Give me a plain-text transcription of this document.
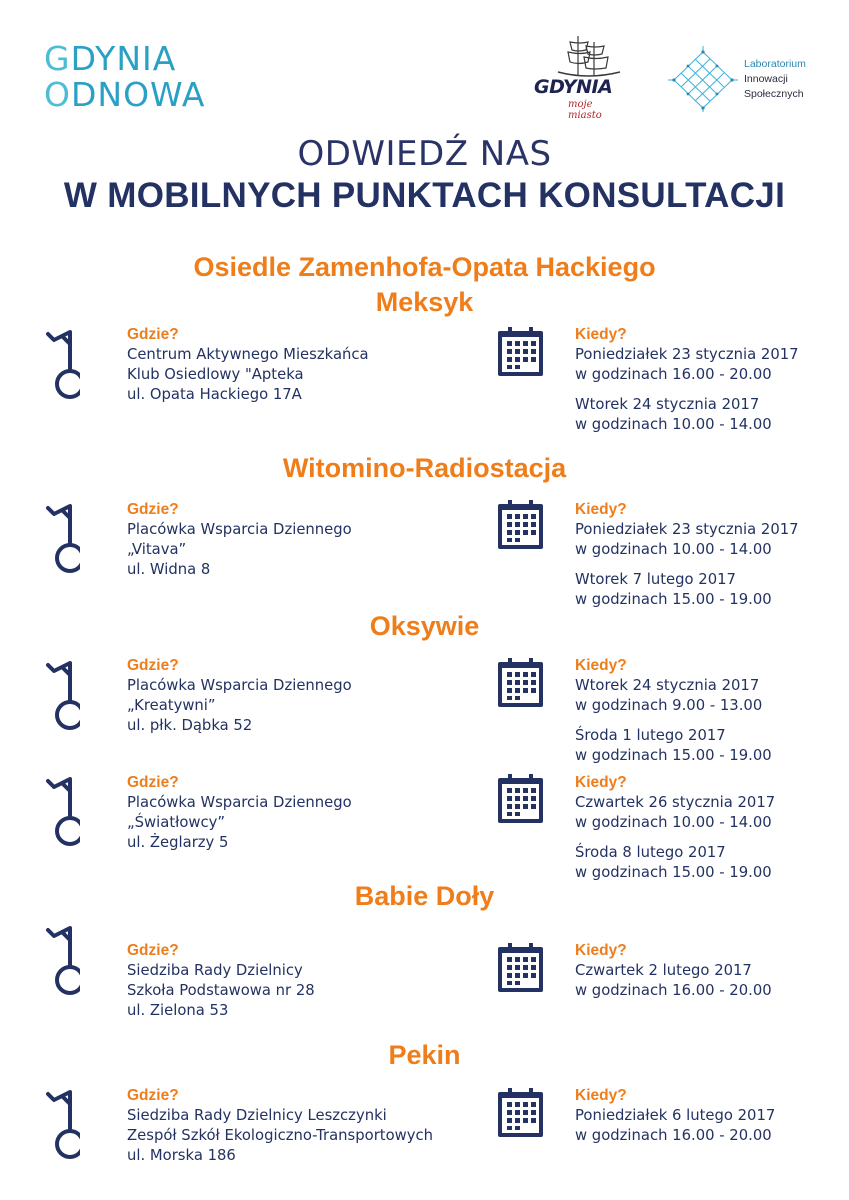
GDYNIA
ODNOWA	GDYNIA
moje miasto
Laboratorium
Innowacji
Społecznych
ODWIEDŹ NAS
W MOBILNYCH PUNKTACH KONSULTACJI
Osiedle Zamenhofa-Opata Hackiego
Meksyk
Witomino-Radiostacja
Oksywie
Babie Doły
Pekin
Gdzie?
Centrum Aktywnego Mieszkańca
Klub Osiedlowy "Apteka
ul. Opata Hackiego 17A
Kiedy?
Poniedziałek 23 stycznia 2017
w godzinach 16.00 - 20.00
Wtorek 24 stycznia 2017
w godzinach 10.00 - 14.00
Gdzie?
Placówka Wsparcia Dziennego
„Vitava”
ul. Widna 8
Kiedy?
Poniedziałek 23 stycznia 2017
w godzinach 10.00 - 14.00
Wtorek 7 lutego 2017
w godzinach 15.00 - 19.00
Gdzie?
Placówka Wsparcia Dziennego
„Kreatywni”
ul. płk. Dąbka 52
Kiedy?
Wtorek 24 stycznia 2017
w godzinach 9.00 - 13.00
Środa 1 lutego 2017
w godzinach 15.00 - 19.00
Gdzie?
Placówka Wsparcia Dziennego
„Światłowcy”
ul. Żeglarzy 5
Kiedy?
Czwartek 26 stycznia 2017
w godzinach 10.00 - 14.00
Środa 8 lutego 2017
w godzinach 15.00 - 19.00
Gdzie?
Siedziba Rady Dzielnicy
Szkoła Podstawowa nr 28
ul. Zielona 53
Kiedy?
Czwartek 2 lutego 2017
w godzinach 16.00 - 20.00
Gdzie?
Siedziba Rady Dzielnicy Leszczynki
Zespół Szkół Ekologiczno-Transportowych
ul. Morska 186
Kiedy?
Poniedziałek 6 lutego 2017
w godzinach 16.00 - 20.00
